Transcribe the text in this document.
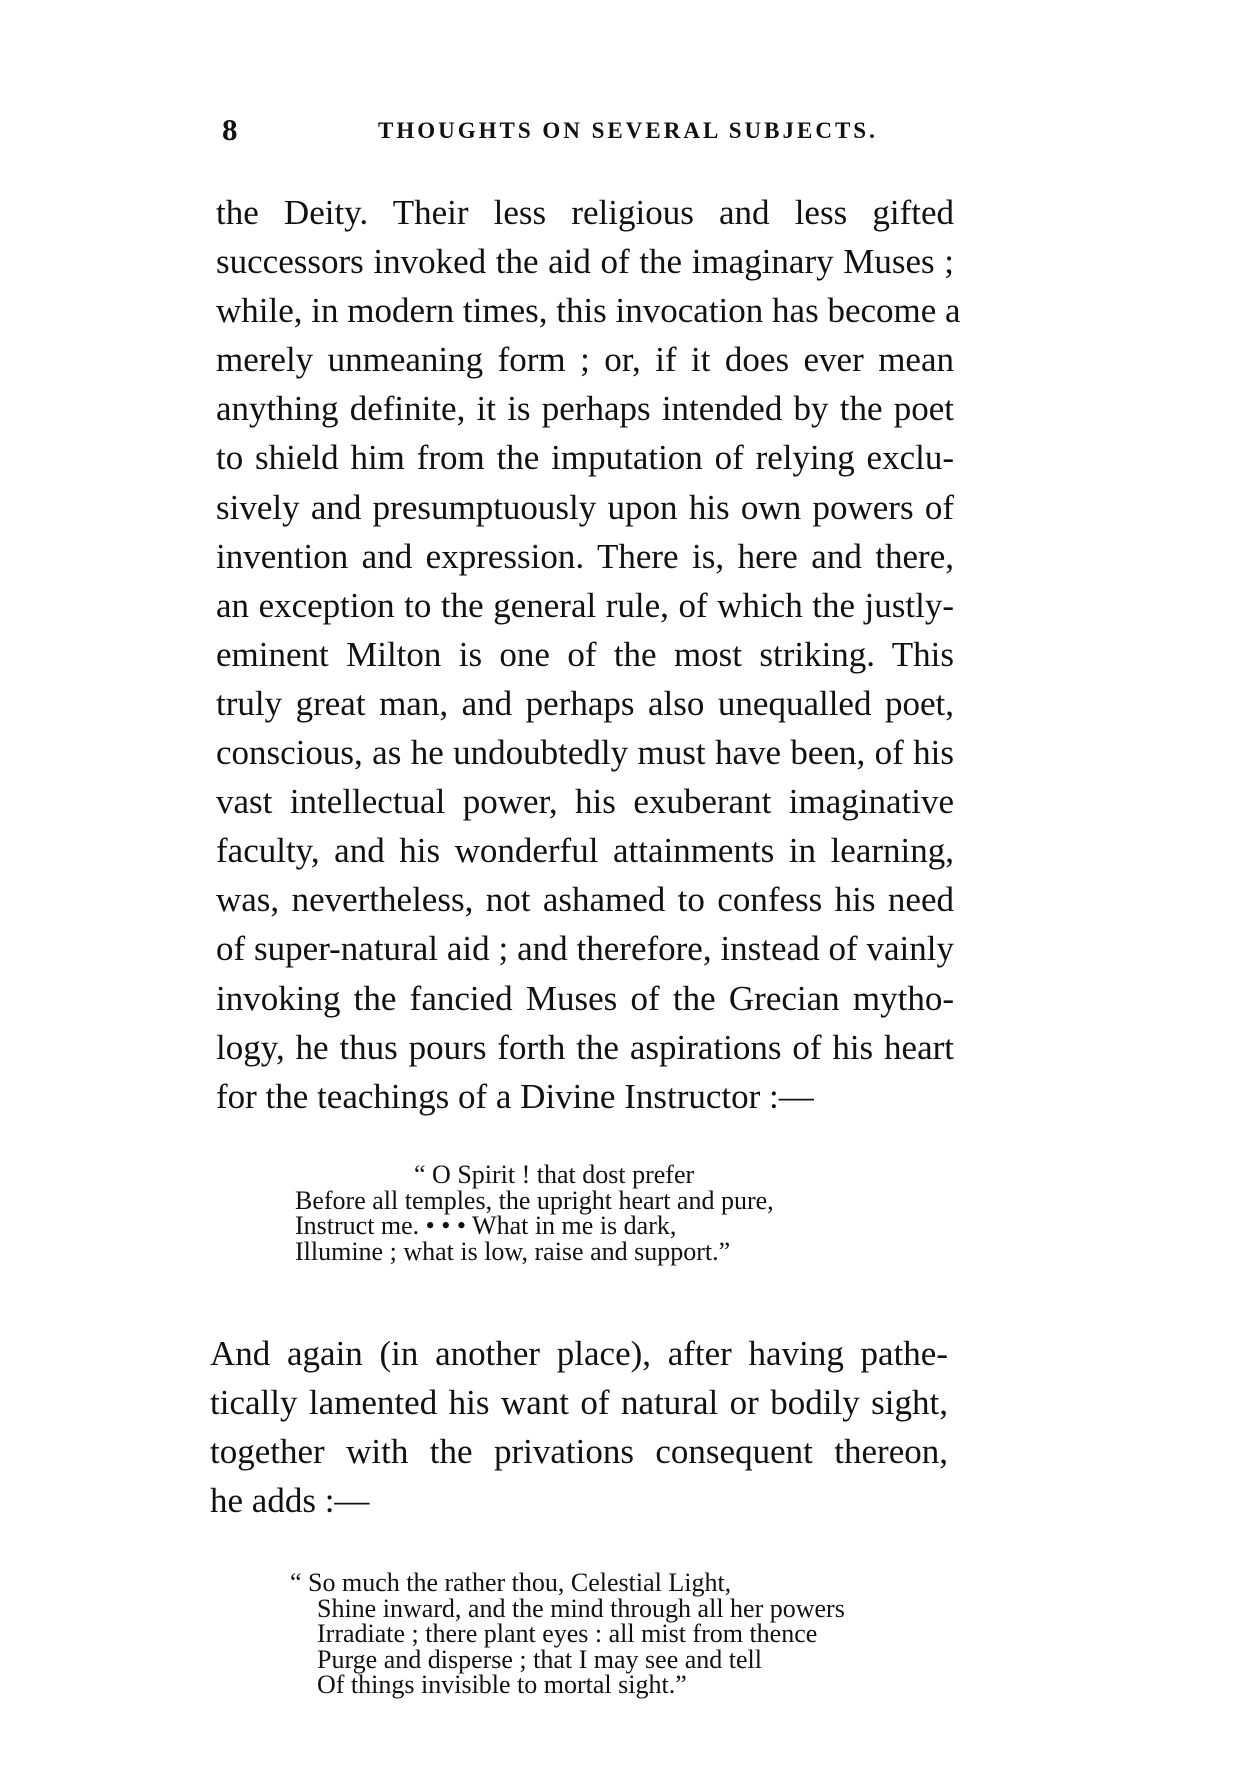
8	THOUGHTS ON SEVERAL SUBJECTS.
the Deity. Their less religious and less gifted
successors invoked the aid of the imaginary Muses ;
while, in modern times, this invocation has become a
merely unmeaning form ; or, if it does ever mean
anything definite, it is perhaps intended by the poet
to shield him from the imputation of relying exclu-
sively and presumptuously upon his own powers of
invention and expression. There is, here and there,
an exception to the general rule, of which the justly-
eminent Milton is one of the most striking. This
truly great man, and perhaps also unequalled poet,
conscious, as he undoubtedly must have been, of his
vast intellectual power, his exuberant imaginative
faculty, and his wonderful attainments in learning,
was, nevertheless, not ashamed to confess his need
of super-natural aid ; and therefore, instead of vainly
invoking the fancied Muses of the Grecian mytho-
logy, he thus pours forth the aspirations of his heart
for the teachings of a Divine Instructor :—
“ O Spirit ! that dost prefer
Before all temples, the upright heart and pure,
Instruct me. • • • What in me is dark,
Illumine ; what is low, raise and support.”
And again (in another place), after having pathe-
tically lamented his want of natural or bodily sight,
together with the privations consequent thereon,
he adds :—
“ So much the rather thou, Celestial Light,
Shine inward, and the mind through all her powers
Irradiate ; there plant eyes : all mist from thence
Purge and disperse ; that I may see and tell
Of things invisible to mortal sight.”
